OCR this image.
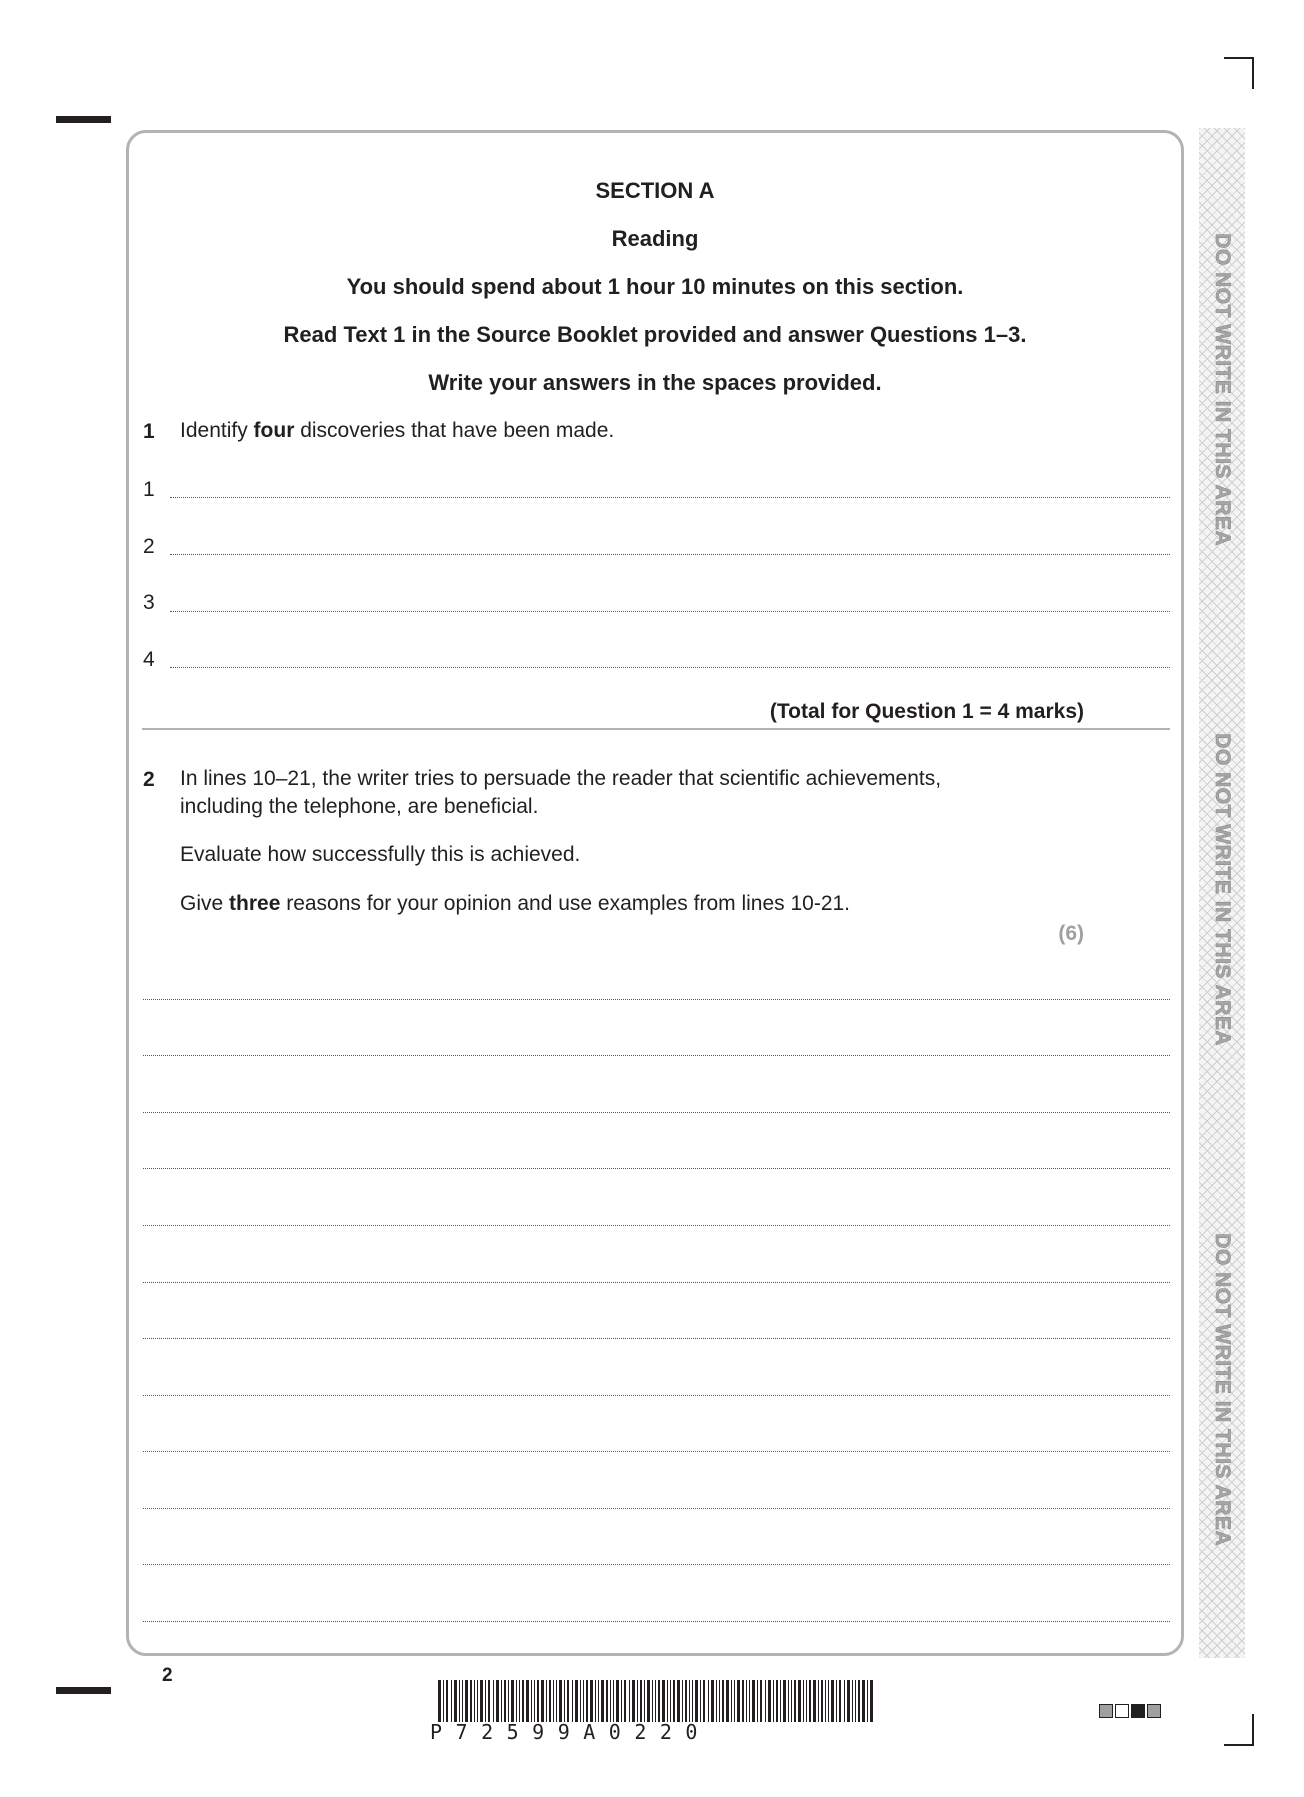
DO NOT WRITE IN THIS AREA
DO NOT WRITE IN THIS AREA
DO NOT WRITE IN THIS AREA
SECTION A
Reading
You should spend about 1 hour 10 minutes on this section.
Read Text 1 in the Source Booklet provided and answer Questions 1–3.
Write your answers in the spaces provided.
1 Identify four discoveries that have been made.
1
2
3
4
(Total for Question 1 = 4 marks)
2 In lines 10–21, the writer tries to persuade the reader that scientific achievements,
including the telephone, are beneficial.
Evaluate how successfully this is achieved.
Give three reasons for your opinion and use examples from lines 10-21.
(6)
2
P72599A0220
